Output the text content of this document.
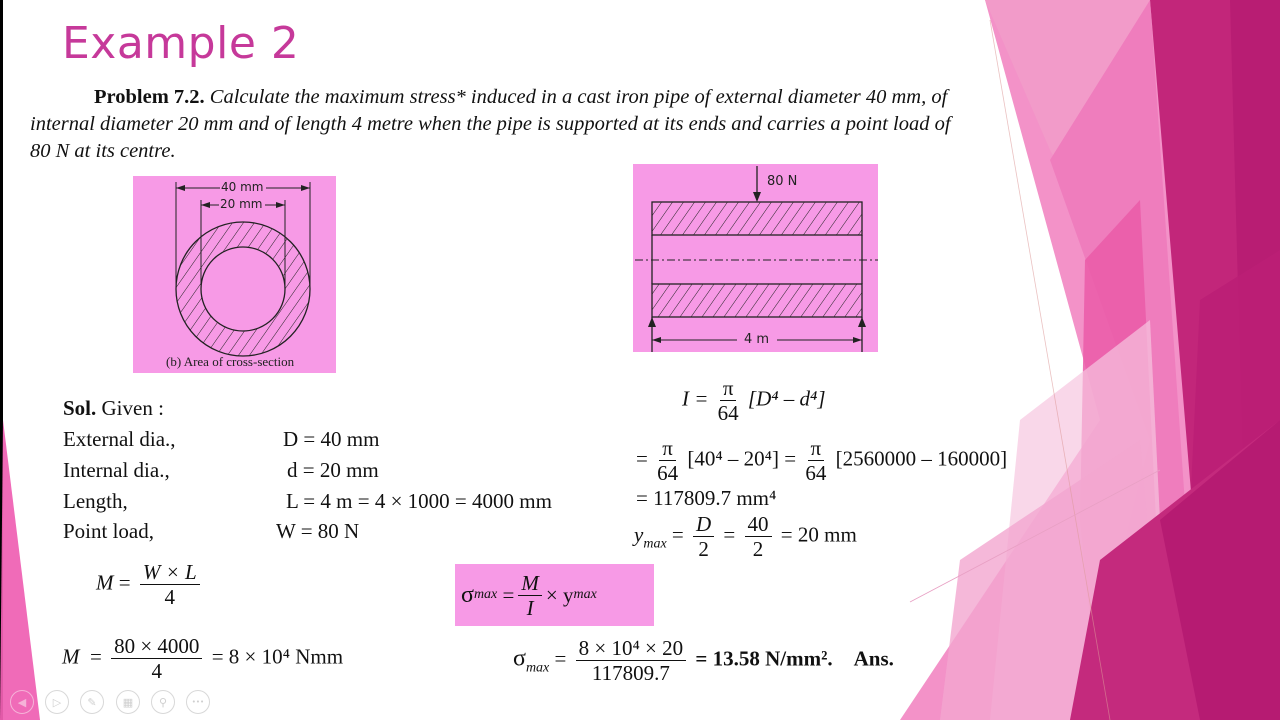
Example 2
Problem 7.2. Calculate the maximum stress* induced in a cast iron pipe of external diameter 40 mm, of internal diameter 20 mm and of length 4 metre when the pipe is supported at its ends and carries a point load of 80 N at its centre.
40 mm
20 mm
(b) Area of cross-section
80 N
4 m
Sol. Given :
External dia.,	D = 40 mm
Internal dia.,	d = 20 mm
Length,	L = 4 m = 4 × 1000 = 4000 mm
Point load,	W = 80 N
$M = \frac{W \times L}{4}$
$M = \frac{80 \times 4000}{4} = 8 \times 10^4$ Nmm
$I = \frac{\pi}{64} [D^4 - d^4]$
= $\frac{\pi}{64} [40^4 - 20^4] = \frac{\pi}{64} [2560000 - 160000]$
= 117809.7 mm⁴
$y_{max} = \frac{D}{2} = \frac{40}{2} = 20$ mm
σ $\max = \frac{M}{I} \times y$ max
$\sigma_{max} = \frac{\text{8 × 10⁴ × 20}}{117809.7} = 13.58$ N/mm². Ans.
◀ ▷ ✎ ▦ ⚲	•••
